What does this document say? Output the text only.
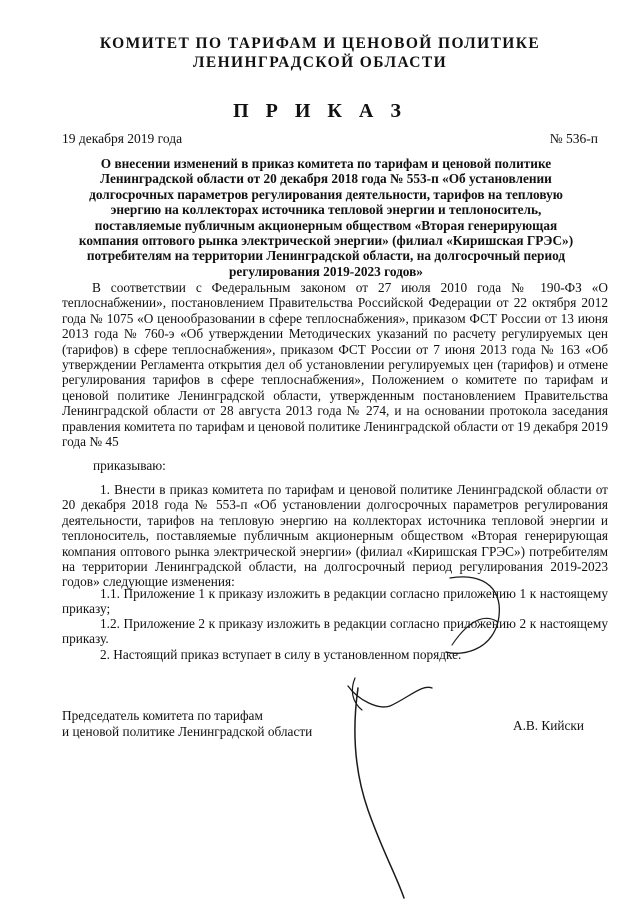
КОМИТЕТ ПО ТАРИФАМ И ЦЕНОВОЙ ПОЛИТИКЕ
ЛЕНИНГРАДСКОЙ ОБЛАСТИ
П Р И К А З
19 декабря 2019 года	№ 536-п
О внесении изменений в приказ комитета по тарифам и ценовой политике Ленинградской области от 20 декабря 2018 года № 553-п «Об установлении долгосрочных параметров регулирования деятельности, тарифов на тепловую энергию на коллекторах источника тепловой энергии и теплоноситель, поставляемые публичным акционерным обществом «Вторая генерирующая компания оптового рынка электрической энергии» (филиал «Киришская ГРЭС») потребителям на территории Ленинградской области, на долгосрочный период регулирования 2019-2023 годов»

В соответствии с Федеральным законом от 27 июля 2010 года № 190-ФЗ «О теплоснабжении», постановлением Правительства Российской Федерации от 22 октября 2012 года № 1075 «О ценообразовании в сфере теплоснабжения», приказом ФСТ России от 13 июня 2013 года № 760-э «Об утверждении Методических указаний по расчету регулируемых цен (тарифов) в сфере теплоснабжения», приказом ФСТ России от 7 июня 2013 года № 163 «Об утверждении Регламента открытия дел об установлении регулируемых цен (тарифов) и отмене регулирования тарифов в сфере теплоснабжения», Положением о комитете по тарифам и ценовой политике Ленинградской области, утвержденным постановлением Правительства Ленинградской области от 28 августа 2013 года № 274, и на основании протокола заседания правления комитета по тарифам и ценовой политике Ленинградской области от 19 декабря 2019 года № 45

приказываю:

1. Внести в приказ комитета по тарифам и ценовой политике Ленинградской области от 20 декабря 2018 года № 553-п «Об установлении долгосрочных параметров регулирования деятельности, тарифов на тепловую энергию на коллекторах источника тепловой энергии и теплоноситель, поставляемые публичным акционерным обществом «Вторая генерирующая компания оптового рынка электрической энергии» (филиал «Киришская ГРЭС») потребителям на территории Ленинградской области, на долгосрочный период регулирования 2019-2023 годов» следующие изменения:

1.1. Приложение 1 к приказу изложить в редакции согласно приложению 1 к настоящему приказу;

1.2. Приложение 2 к приказу изложить в редакции согласно приложению 2 к настоящему приказу.

2. Настоящий приказ вступает в силу в установленном порядке.

Председатель комитета по тарифам
и ценовой политике Ленинградской области	А.В. Кийски
